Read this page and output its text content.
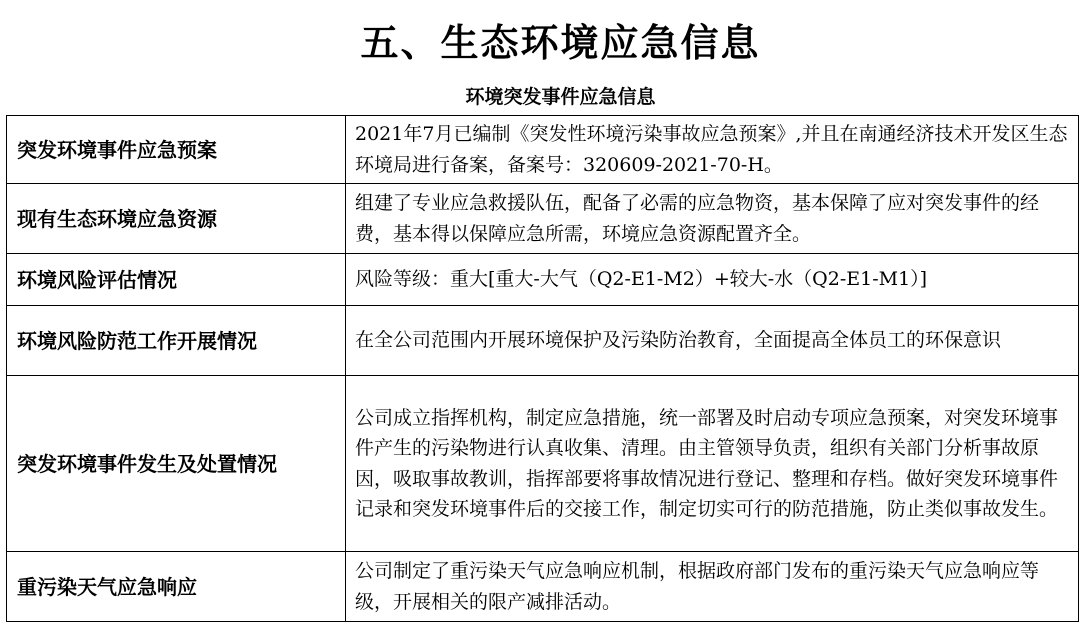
五、生态环境应急信息
环境突发事件应急信息
突发环境事件应急预案	2021年7月已编制《突发性环境污染事故应急预案》,并且在南通经济技术开发区生态环境局进行备案，备案号：320609-2021-70-H。

现有生态环境应急资源	组建了专业应急救援队伍，配备了必需的应急物资，基本保障了应对突发事件的经费，基本得以保障应急所需，环境应急资源配置齐全。

环境风险评估情况	风险等级：重大[重大-大气（Q2-E1-M2）+较大-水（Q2-E1-M1）]

环境风险防范工作开展情况	在全公司范围内开展环境保护及污染防治教育，全面提高全体员工的环保意识

突发环境事件发生及处置情况	公司成立指挥机构，制定应急措施，统一部署及时启动专项应急预案，对突发环境事件产生的污染物进行认真收集、清理。由主管领导负责，组织有关部门分析事故原因，吸取事故教训，指挥部要将事故情况进行登记、整理和存档。做好突发环境事件记录和突发环境事件后的交接工作，制定切实可行的防范措施，防止类似事故发生。

重污染天气应急响应	公司制定了重污染天气应急响应机制，根据政府部门发布的重污染天气应急响应等级，开展相关的限产减排活动。
